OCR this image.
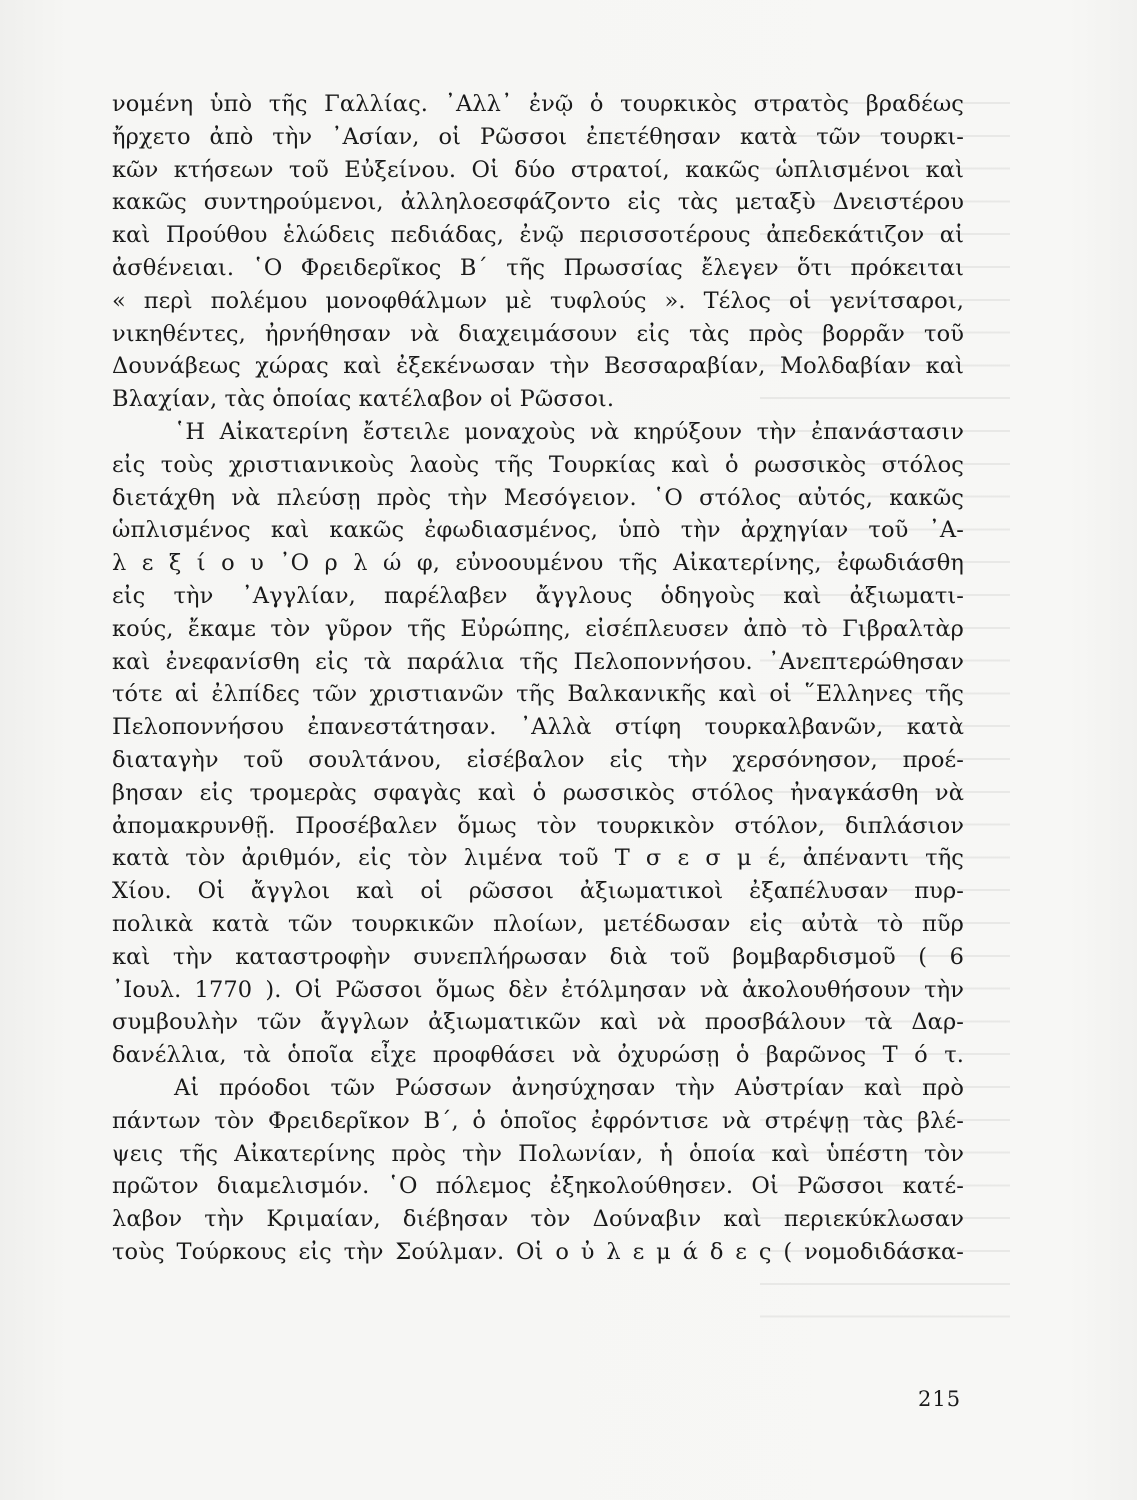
νομένη ὑπὸ τῆς Γαλλίας. ᾿Αλλ᾿ ἐνῷ ὁ τουρκικὸς στρατὸς βραδέως
ἤρχετο ἀπὸ τὴν ᾿Ασίαν, οἱ Ρῶσσοι ἐπετέθησαν κατὰ τῶν τουρκι-
κῶν κτήσεων τοῦ Εὐξείνου. Οἱ δύο στρατοί, κακῶς ὡπλισμένοι καὶ
κακῶς συντηρούμενοι, ἀλληλοεσφάζοντο εἰς τὰς μεταξὺ Δνειστέρου
καὶ Προύθου ἑλώδεις πεδιάδας, ἐνῷ περισσοτέρους ἀπεδεκάτιζον αἱ
ἀσθένειαι. ῾Ο Φρειδερῖκος Β΄ τῆς Πρωσσίας ἔλεγεν ὅτι πρόκειται
« περὶ πολέμου μονοφθάλμων μὲ τυφλούς ». Τέλος οἱ γενίτσαροι,
νικηθέντες, ἠρνήθησαν νὰ διαχειμάσουν εἰς τὰς πρὸς βορρᾶν τοῦ
Δουνάβεως χώρας καὶ ἐξεκένωσαν τὴν Βεσσαραβίαν, Μολδαβίαν καὶ
Βλαχίαν, τὰς ὁποίας κατέλαβον οἱ Ρῶσσοι.
῾Η Αἰκατερίνη ἔστειλε μοναχοὺς νὰ κηρύξουν τὴν ἐπανάστασιν
εἰς τοὺς χριστιανικοὺς λαοὺς τῆς Τουρκίας καὶ ὁ ρωσσικὸς στόλος
διετάχθη νὰ πλεύσῃ πρὸς τὴν Μεσόγειον. ῾Ο στόλος αὐτός, κακῶς
ὡπλισμένος καὶ κακῶς ἐφωδιασμένος, ὑπὸ τὴν ἀρχηγίαν τοῦ ᾿Α-
λ ε ξ ί ο υ ᾿Ο ρ λ ώ φ, εὐνοουμένου τῆς Αἰκατερίνης, ἐφωδιάσθη
εἰς τὴν ᾿Αγγλίαν, παρέλαβεν ἄγγλους ὁδηγοὺς καὶ ἀξιωματι-
κούς, ἔκαμε τὸν γῦρον τῆς Εὐρώπης, εἰσέπλευσεν ἀπὸ τὸ Γιβραλτὰρ
καὶ ἐνεφανίσθη εἰς τὰ παράλια τῆς Πελοποννήσου. ᾿Ανεπτερώθησαν
τότε αἱ ἐλπίδες τῶν χριστιανῶν τῆς Βαλκανικῆς καὶ οἱ ῞Ελληνες τῆς
Πελοποννήσου ἐπανεστάτησαν. ᾿Αλλὰ στίφη τουρκαλβανῶν, κατὰ
διαταγὴν τοῦ σουλτάνου, εἰσέβαλον εἰς τὴν χερσόνησον, προέ-
βησαν εἰς τρομερὰς σφαγὰς καὶ ὁ ρωσσικὸς στόλος ἠναγκάσθη νὰ
ἀπομακρυνθῇ. Προσέβαλεν ὅμως τὸν τουρκικὸν στόλον, διπλάσιον
κατὰ τὸν ἀριθμόν, εἰς τὸν λιμένα τοῦ Τ σ ε σ μ έ, ἀπέναντι τῆς
Χίου. Οἱ ἄγγλοι καὶ οἱ ρῶσσοι ἀξιωματικοὶ ἐξαπέλυσαν πυρ-
πολικὰ κατὰ τῶν τουρκικῶν πλοίων, μετέδωσαν εἰς αὐτὰ τὸ πῦρ
καὶ τὴν καταστροφὴν συνεπλήρωσαν διὰ τοῦ βομβαρδισμοῦ ( 6
᾿Ιουλ. 1770 ). Οἱ Ρῶσσοι ὅμως δὲν ἐτόλμησαν νὰ ἀκολουθήσουν τὴν
συμβουλὴν τῶν ἄγγλων ἀξιωματικῶν καὶ νὰ προσβάλουν τὰ Δαρ-
δανέλλια, τὰ ὁποῖα εἶχε προφθάσει νὰ ὀχυρώσῃ ὁ βαρῶνος Τ ό τ.
Αἱ πρόοδοι τῶν Ρώσσων ἀνησύχησαν τὴν Αὐστρίαν καὶ πρὸ
πάντων τὸν Φρειδερῖκον Β΄, ὁ ὁποῖος ἐφρόντισε νὰ στρέψῃ τὰς βλέ-
ψεις τῆς Αἰκατερίνης πρὸς τὴν Πολωνίαν, ἡ ὁποία καὶ ὑπέστη τὸν
πρῶτον διαμελισμόν. ῾Ο πόλεμος ἐξηκολούθησεν. Οἱ Ρῶσσοι κατέ-
λαβον τὴν Κριμαίαν, διέβησαν τὸν Δούναβιν καὶ περιεκύκλωσαν
τοὺς Τούρκους εἰς τὴν Σούλμαν. Οἱ ο ὐ λ ε μ ά δ ε ς ( νομοδιδάσκα-
215
